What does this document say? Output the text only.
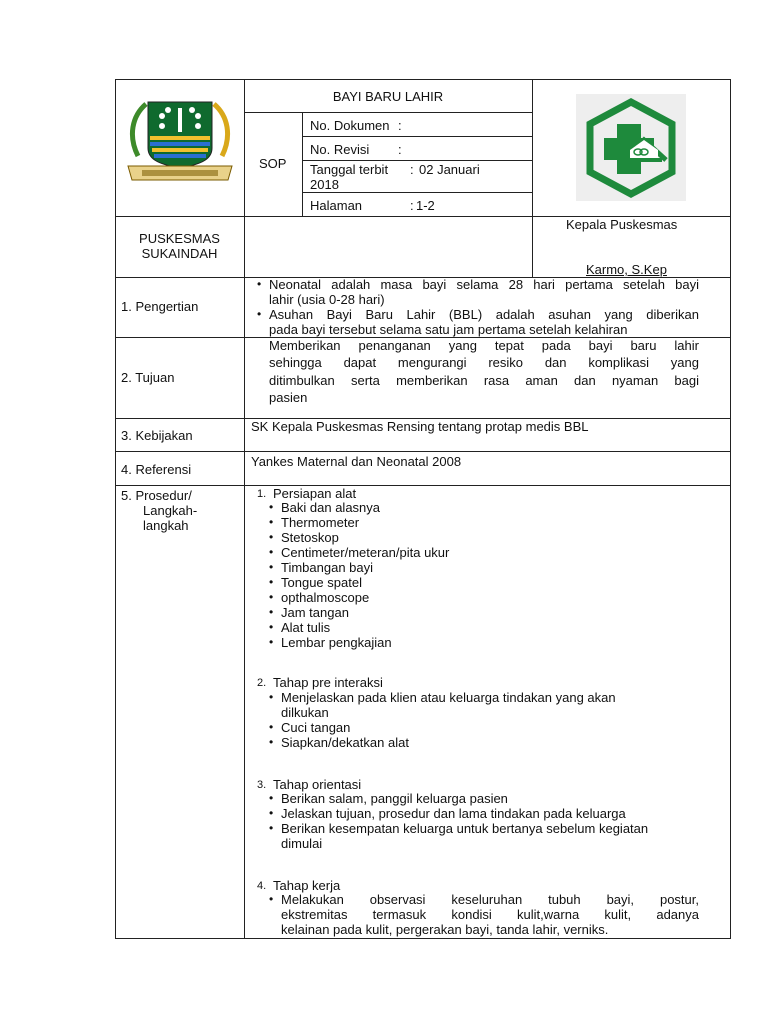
BAYI BARU LAHIR
SOP
No. Dokumen :
No. Revisi :
Tanggal terbit : 02 Januari
2018
Halaman	: 1-2
PUSKESMAS
SUKAINDAH
Kepala Puskesmas
Karmo, S.Kep
1. Pengertian
• Neonatal adalah masa bayi selama 28 hari pertama setelah bayi
lahir (usia 0-28 hari)
• Asuhan Bayi Baru Lahir (BBL) adalah asuhan yang diberikan
pada bayi tersebut selama satu jam pertama setelah kelahiran
2. Tujuan
Memberikan penanganan yang tepat pada bayi baru lahir
sehingga dapat mengurangi resiko dan komplikasi yang
ditimbulkan serta memberikan rasa aman dan nyaman bagi
pasien
3. Kebijakan
SK Kepala Puskesmas Rensing tentang protap medis BBL
4. Referensi
Yankes Maternal dan Neonatal 2008
5. Prosedur/
Langkah-
langkah
1. Persiapan alat
• Baki dan alasnya
• Thermometer
• Stetoskop
• Centimeter/meteran/pita ukur
• Timbangan bayi
• Tongue spatel
• opthalmoscope
• Jam tangan
• Alat tulis
• Lembar pengkajian
2. Tahap pre interaksi
• Menjelaskan pada klien atau keluarga tindakan yang akan
dilkukan
• Cuci tangan
• Siapkan/dekatkan alat
3. Tahap orientasi
• Berikan salam, panggil keluarga pasien
• Jelaskan tujuan, prosedur dan lama tindakan pada keluarga
• Berikan kesempatan keluarga untuk bertanya sebelum kegiatan
dimulai
4. Tahap kerja
• Melakukan observasi keseluruhan tubuh bayi, postur,
ekstremitas termasuk kondisi kulit,warna kulit, adanya
kelainan pada kulit, pergerakan bayi, tanda lahir, verniks.
